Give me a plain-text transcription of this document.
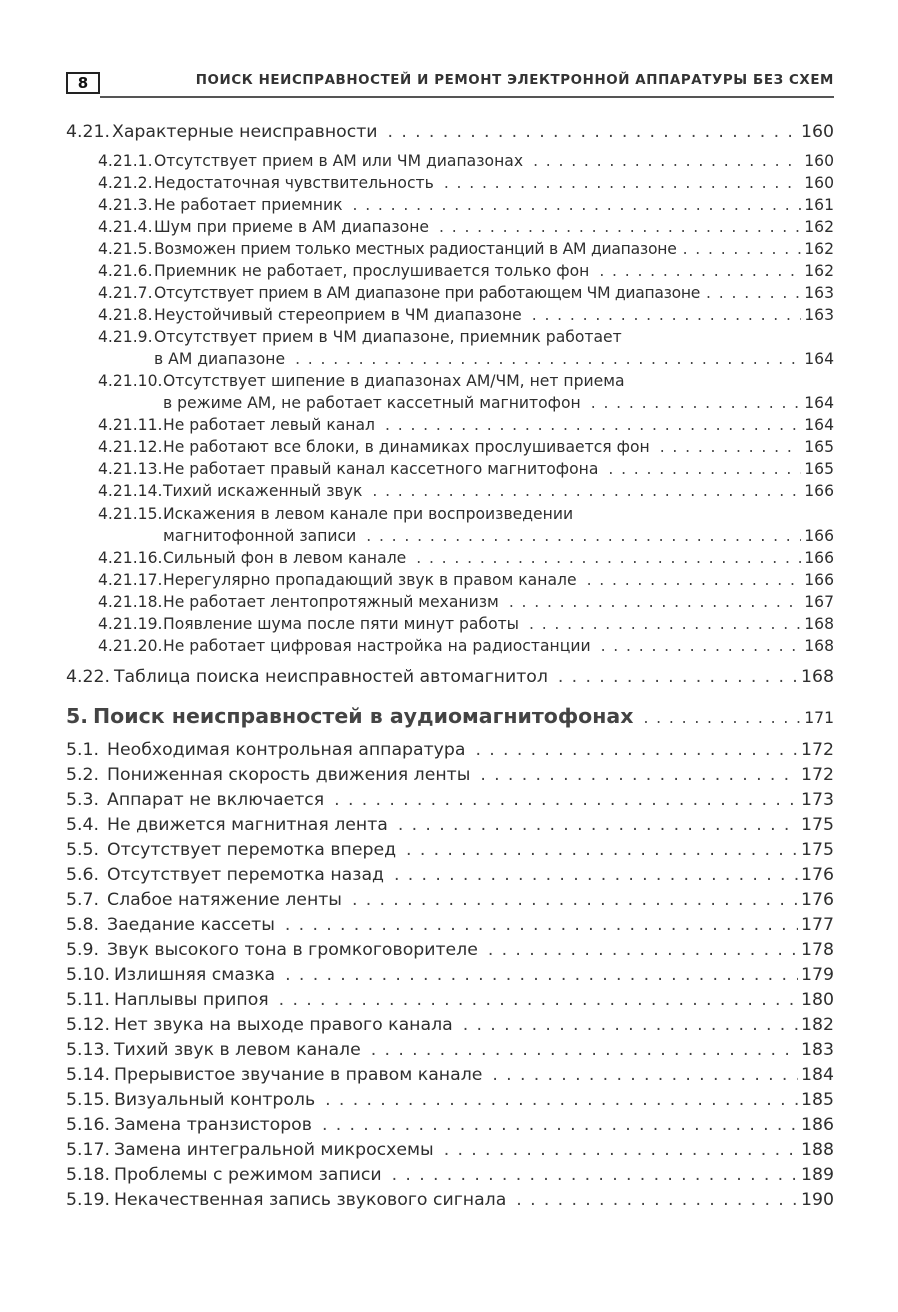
8	ПОИСК НЕИСПРАВНОСТЕЙ И РЕМОНТ ЭЛЕКТРОННОЙ АППАРАТУРЫ БЕЗ СХЕМ
4.21. Характерные неисправности . . .	160
4.21.1. Отсутствует прием в АМ или ЧМ диапазонах . . .	160
4.21.2. Недостаточная чувствительность . . .	160
4.21.3. Не работает приемник . . .	161
4.21.4. Шум при приеме в АМ диапазоне . . .	162
4.21.5. Возможен прием только местных радиостанций в АМ диапазоне . . .	162
4.21.6. Приемник не работает, прослушивается только фон . . .	162
4.21.7. Отсутствует прием в АМ диапазоне при работающем ЧМ диапазоне . . .	163
4.21.8. Неустойчивый стереоприем в ЧМ диапазоне . . .	163
4.21.9.Отсутствует прием в ЧМ диапазоне, приемник работает
в АМ диапазоне . . .	164
4.21.10.Отсутствует шипение в диапазонах АМ/ЧМ, нет приема
в режиме АМ, не работает кассетный магнитофон . . .	164
4.21.11. Не работает левый канал . . .	164
4.21.12. Не работают все блоки, в динамиках прослушивается фон . . .	165
4.21.13. Не работает правый канал кассетного магнитофона . . .	165
4.21.14. Тихий искаженный звук . . .	166
4.21.15.Искажения в левом канале при воспроизведении
магнитофонной записи . . .	166
4.21.16. Сильный фон в левом канале . . .	166
4.21.17. Нерегулярно пропадающий звук в правом канале . . .	166
4.21.18. Не работает лентопротяжный механизм . . .	167
4.21.19. Появление шума после пяти минут работы . . .	168
4.21.20. Не работает цифровая настройка на радиостанции . . .	168
4.22. Таблица поиска неисправностей автомагнитол . . .	168
5. Поиск неисправностей в аудиомагнитофонах . . .	171
5.1. Необходимая контрольная аппаратура . . .	172
5.2. Пониженная скорость движения ленты . . .	172
5.3. Аппарат не включается . . .	173
5.4. Не движется магнитная лента . . .	175
5.5. Отсутствует перемотка вперед . . .	175
5.6. Отсутствует перемотка назад . . .	176
5.7. Слабое натяжение ленты . . .	176
5.8. Заедание кассеты . . .	177
5.9. Звук высокого тона в громкоговорителе . . .	178
5.10. Излишняя смазка . . .	179
5.11. Наплывы припоя . . .	180
5.12. Нет звука на выходе правого канала . . .	182
5.13. Тихий звук в левом канале . . .	183
5.14. Прерывистое звучание в правом канале . . .	184
5.15. Визуальный контроль . . .	185
5.16. Замена транзисторов . . .	186
5.17. Замена интегральной микросхемы . . .	188
5.18. Проблемы с режимом записи . . .	189
5.19. Некачественная запись звукового сигнала . . .	190
